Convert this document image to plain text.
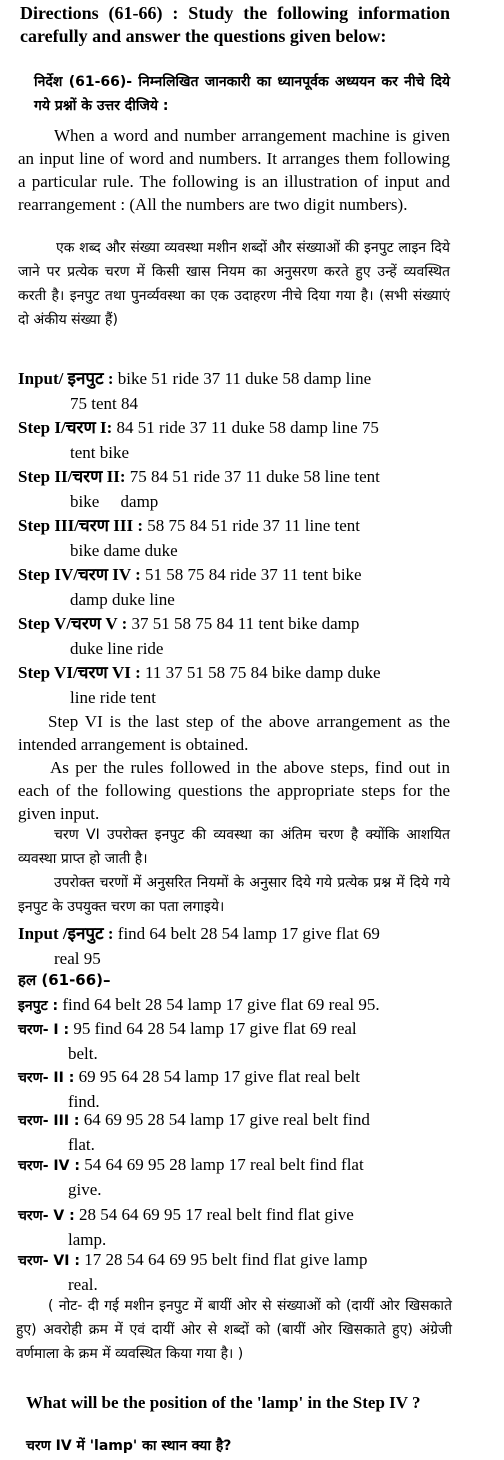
Directions (61-66) : Study the following information carefully and answer the questions given below:
निर्देश (61-66)- निम्नलिखित जानकारी का ध्यानपूर्वक अध्ययन कर नीचे दिये गये प्रश्नों के उत्तर दीजिये :
When a word and number arrangement machine is given an input line of word and numbers. It arranges them following a particular rule. The following is an illustration of input and rearrangement : (All the numbers are two digit numbers).
एक शब्द और संख्या व्यवस्था मशीन शब्दों और संख्याओं की इनपुट लाइन दिये जाने पर प्रत्येक चरण में किसी खास नियम का अनुसरण करते हुए उन्हें व्यवस्थित करती है। इनपुट तथा पुनर्व्यवस्था का एक उदाहरण नीचे दिया गया है। (सभी संख्याएं दो अंकीय संख्या हैं)
Input/ इनपुट : bike 51 ride 37 11 duke 58 damp line
75 tent 84
Step I/चरण I: 84 51 ride 37 11 duke 58 damp line 75
tent bike
Step II/चरण II: 75 84 51 ride 37 11 duke 58 line tent
bike     damp
Step III/चरण III : 58 75 84 51 ride 37 11 line tent
bike dame duke
Step IV/चरण IV : 51 58 75 84 ride 37 11 tent bike
damp duke line
Step V/चरण V : 37 51 58 75 84 11 tent bike damp
duke line ride
Step VI/चरण VI : 11 37 51 58 75 84 bike damp duke
line ride tent
Step VI is the last step of the above arrangement as the intended arrangement is obtained.
As per the rules followed in the above steps, find out in each of the following questions the appropriate steps for the given input.
चरण VI उपरोक्त इनपुट की व्यवस्था का अंतिम चरण है क्योंकि आशयित व्यवस्था प्राप्त हो जाती है।
उपरोक्त चरणों में अनुसरित नियमों के अनुसार दिये गये प्रत्येक प्रश्न में दिये गये इनपुट के उपयुक्त चरण का पता लगाइये।
Input /इनपुट : find 64 belt 28 54 lamp 17 give flat 69
real 95
हल (61-66)–
इनपुट : find 64 belt 28 54 lamp 17 give flat 69 real 95.
चरण- I : 95 find 64 28 54 lamp 17 give flat 69 real
belt.
चरण- II : 69 95 64 28 54 lamp 17 give flat real belt
find.
चरण- III : 64 69 95 28 54 lamp 17 give real belt find
flat.
चरण- IV : 54 64 69 95 28 lamp 17 real belt find flat
give.
चरण- V : 28 54 64 69 95 17 real belt find flat give
lamp.
चरण- VI : 17 28 54 64 69 95 belt find flat give lamp
real.
( नोट- दी गई मशीन इनपुट में बायीं ओर से संख्याओं को (दायीं ओर खिसकाते हुए) अवरोही क्रम में एवं दायीं ओर से शब्दों को (बायीं ओर खिसकाते हुए) अंग्रेजी वर्णमाला के क्रम में व्यवस्थित किया गया है। )
What will be the position of the 'lamp' in the Step IV ?
चरण IV में 'lamp' का स्थान क्या है?
